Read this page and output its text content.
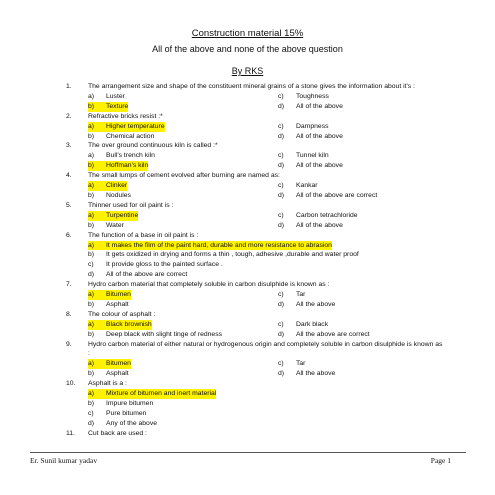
Construction material 15%
All of the above and none of the above question
By RKS
1.	The arrangement size and shape of the constituent mineral grains of a stone gives the information about it's :
a)	Luster	c)	Toughness
b)	Texture	d)	All of the above
2.	Refractive bricks resist :*
a)	Higher temperature	c)	Dampness
b)	Chemical action	d)	All of the above
3.	The over ground continuous kiln is called :*
a)	Bull's trench kiln	c)	Tunnel kiln
b)	Hoffman's kiln	d)	All of the above
4.	The small lumps of cement evolved after burning are named as:
a)	Clinker	c)	Kankar
b)	Nodules	d)	All of the above are correct
5.	Thinner used for oil paint is :
a)	Turpentine	c)	Carbon tetrachloride
b)	Water	d)	All of the above
6.	The function of a base in oil paint is :
a)	It makes the film of the paint hard, durable and more resistance to abrasion
b)	It gets oxidized in drying and forms a thin , tough, adhesive ,durable and water proof
c)	It provide gloss to the painted surface .
d)	All of the above are correct
7.	Hydro carbon material that completely soluble in carbon disulphide is known as :
a)	Bitumen	c)	Tar
b)	Asphalt	d)	All the above
8.	The colour of asphalt :
a)	Black brownish	c)	Dark black
b)	Deep black with slight tinge of redness	d)	All the above are correct
9.	Hydro carbon material of either natural or hydrogenous origin and completely soluble in carbon disulphide is known as :
a)	Bitumen	c)	Tar
b)	Asphalt	d)	All the above
10.	Asphalt is a :
a)	Mixture of bitumen and inert material
b)	Impure bitumen
c)	Pure bitumen
d)	Any of the above
11.	Cut back are used :
Er. Sunil kumar yadav	Page 1
